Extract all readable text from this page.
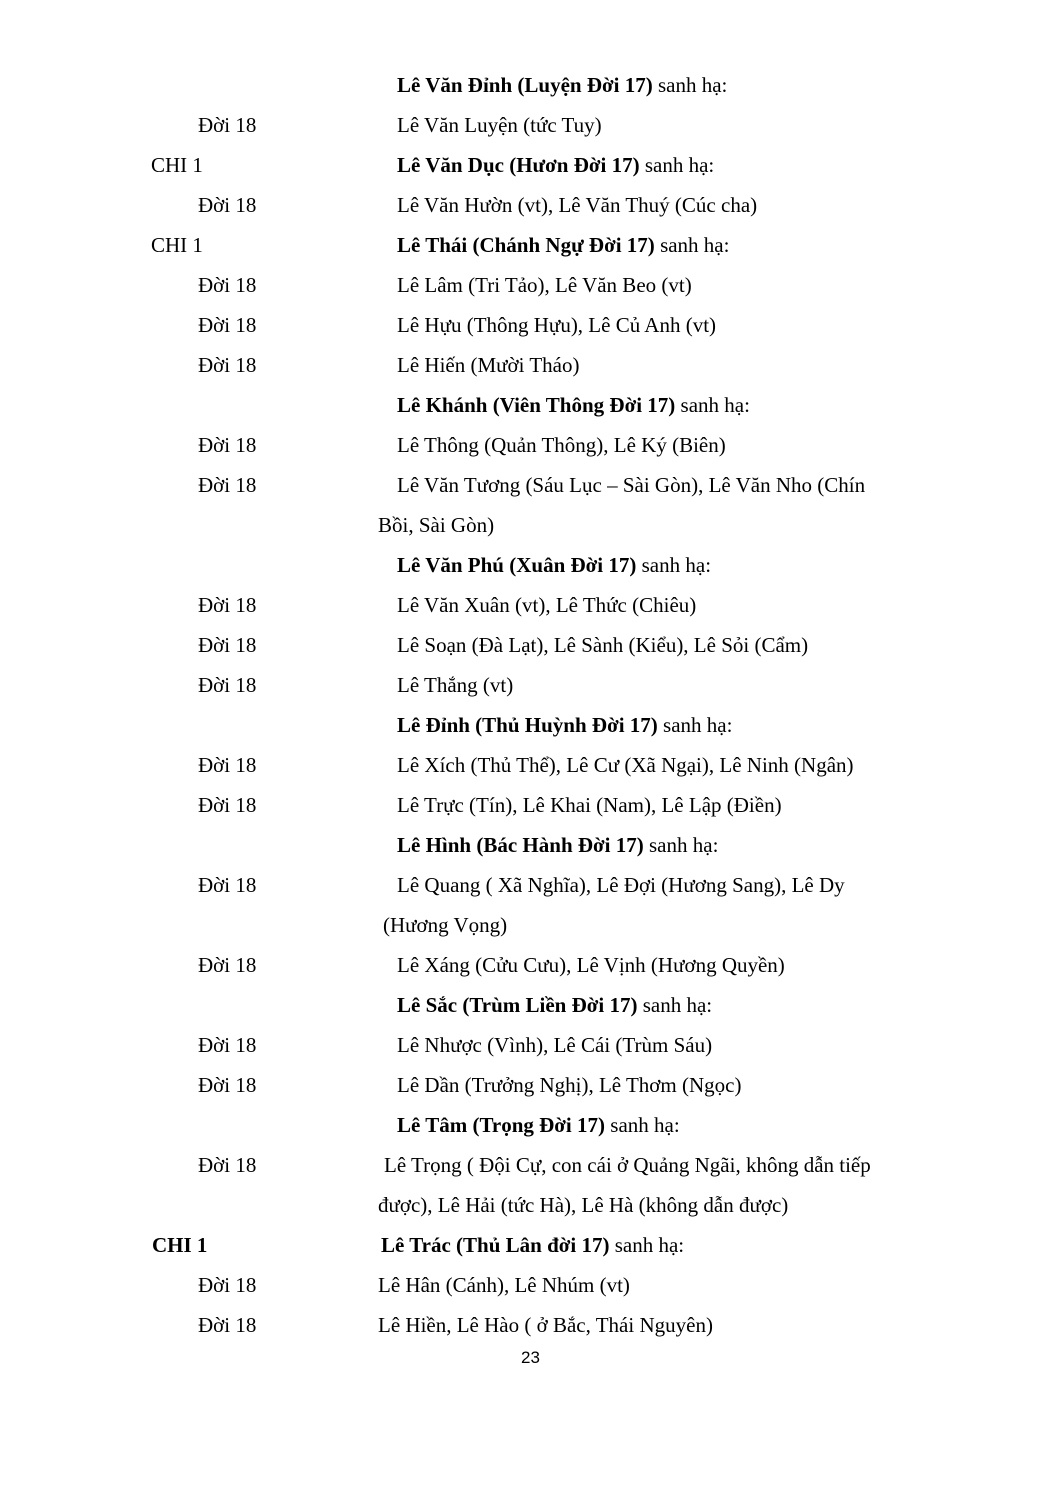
Lê Văn Đỉnh (Luyện Đời 17) sanh hạ:
Đời 18	Lê Văn Luyện (tức Tuy)
CHI 1	Lê Văn Dục (Hươn Đời 17) sanh hạ:
Đời 18	Lê Văn Hườn (vt), Lê Văn Thuý (Cúc cha)
CHI 1	Lê Thái (Chánh Ngự Đời 17) sanh hạ:
Đời 18	Lê Lâm (Tri Tảo), Lê Văn Beo (vt)
Đời 18	Lê Hựu (Thông Hựu), Lê Củ Anh (vt)
Đời 18	Lê Hiến (Mười Tháo)
Lê Khánh (Viên Thông Đời 17) sanh hạ:
Đời 18	Lê Thông (Quản Thông), Lê Ký (Biên)
Đời 18	Lê Văn Tương (Sáu Lục – Sài Gòn), Lê Văn Nho (Chín
Bồi, Sài Gòn)
Lê Văn Phú (Xuân Đời 17) sanh hạ:
Đời 18	Lê Văn Xuân (vt), Lê Thức (Chiêu)
Đời 18	Lê Soạn (Đà Lạt), Lê Sành (Kiểu), Lê Sỏi (Cẩm)
Đời 18	Lê Thắng (vt)
Lê Đỉnh (Thủ Huỳnh Đời 17) sanh hạ:
Đời 18	Lê Xích (Thủ Thể), Lê Cư (Xã Ngại), Lê Ninh (Ngân)
Đời 18	Lê Trực (Tín), Lê Khai (Nam), Lê Lập (Điền)
Lê Hình (Bác Hành Đời 17) sanh hạ:
Đời 18	Lê Quang ( Xã Nghĩa), Lê Đợi (Hương Sang), Lê Dy
(Hương Vọng)
Đời 18	Lê Xáng (Cửu Cưu), Lê Vịnh (Hương Quyền)
Lê Sắc (Trùm Liền Đời 17) sanh hạ:
Đời 18	Lê Nhược (Vình), Lê Cái (Trùm Sáu)
Đời 18	Lê Dần (Trưởng Nghị), Lê Thơm (Ngọc)
Lê Tâm (Trọng Đời 17) sanh hạ:
Đời 18	Lê Trọng ( Đội Cự, con cái ở Quảng Ngãi, không dẫn tiếp
được), Lê Hải (tức Hà), Lê Hà (không dẫn được)
CHI 1	Lê Trác (Thủ Lân đời 17) sanh hạ:
Đời 18	Lê Hân (Cánh), Lê Nhúm (vt)
Đời 18	Lê Hiền, Lê Hào ( ở Bắc, Thái Nguyên)
23
